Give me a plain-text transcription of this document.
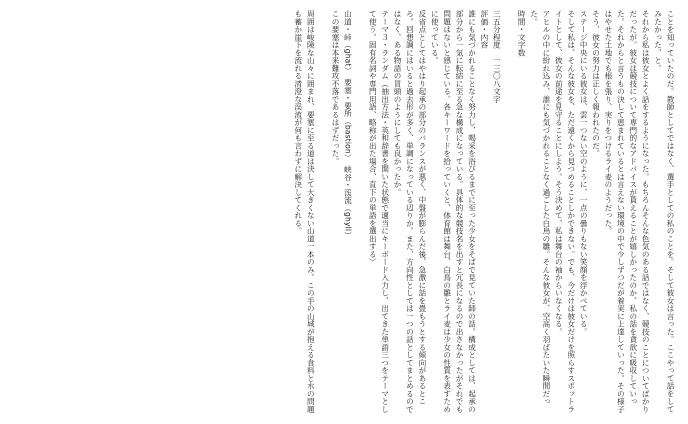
ことを知っていたのだ。教師としてではなく、選手としての私のことを。そして彼女は言った。ここやって話をしてみたかった、と。

それから私は彼女とよく話をするようになった。もちろんそんな色気のある話ではなく、競技のことについてばかりだったが。彼女は競技について専門的なアドバイスが貰えることが嬉しかったのか、私の話を貪欲に吸収していった。それからと言うもの決して恵まれているとは言えない環境の中で少しずつだが着実に上達していった。その様子はやせた土地でも根を張り、実りをつけるライ麦のようだった。

そう、彼女の努力は正しく報われたのだ。

ステージ中央にいる彼女は、雲一つない空のように、一点の曇りもない笑顔を浮かべている。

そして私は、そんな彼女を、ただ遠くから見つめることしかできない。でも、今だけは彼女だけを照らすスポットライトとして、彼女の前途を見守ることにしよう。そう決めて、私は舞台の袖からいなくなる。

アヒルの中に紛れ込み、誰にも気づかれることなく過ごした白鳥の雛。そんな彼女が、空高く羽ばたいた瞬間だった。

時間・文字数

三五分程度　一三〇八文字

評価・内容

誰にも気づかれることなく努力し、喝采を浴びるまでに至った少女をそばで見ていた師の話。構成としては、起承の部分から一気に転結に至る急な構成になっている。具体的な競技名を出すと冗長になるので出さなかったがそれでも問題はないと感じている。各キーワードを拾っていくと、体育館は舞台、白鳥の雛とライ麦は少女の性質を表すために使っている。

反省点としてはやはり起承の部分のバランスが悪く、中盤が膨らんだ後、急激に話を畳もうとする傾向があるところ。回想調にはいると過去形が多く、単調になっている辺りか。また、方向性としては一つの話としてまとめるのではなく、ある物語の冒頭のようにしても良かったか。

テーマ３・ランダム（抽出方法・英和辞書を開いた状態で適当にキーボード入力し、出てきた単語三つをテーマとして使う。固有名詞や専門用語、略称が出た場合、直下の単語を選出する）

山道・峠（ghat）　要塞・要所（bastion）　峡谷・渓流（ghyll）

この要塞は本来難攻不落であるはずだった。

周囲は峻険な山々に囲まれ、要塞に至る道は決して大きくない山道一本のみ。この手の山城が抱える食料と水の問題も蓄か崖下を流れる清澄な渓流が何も言わずに解決してくれる。
